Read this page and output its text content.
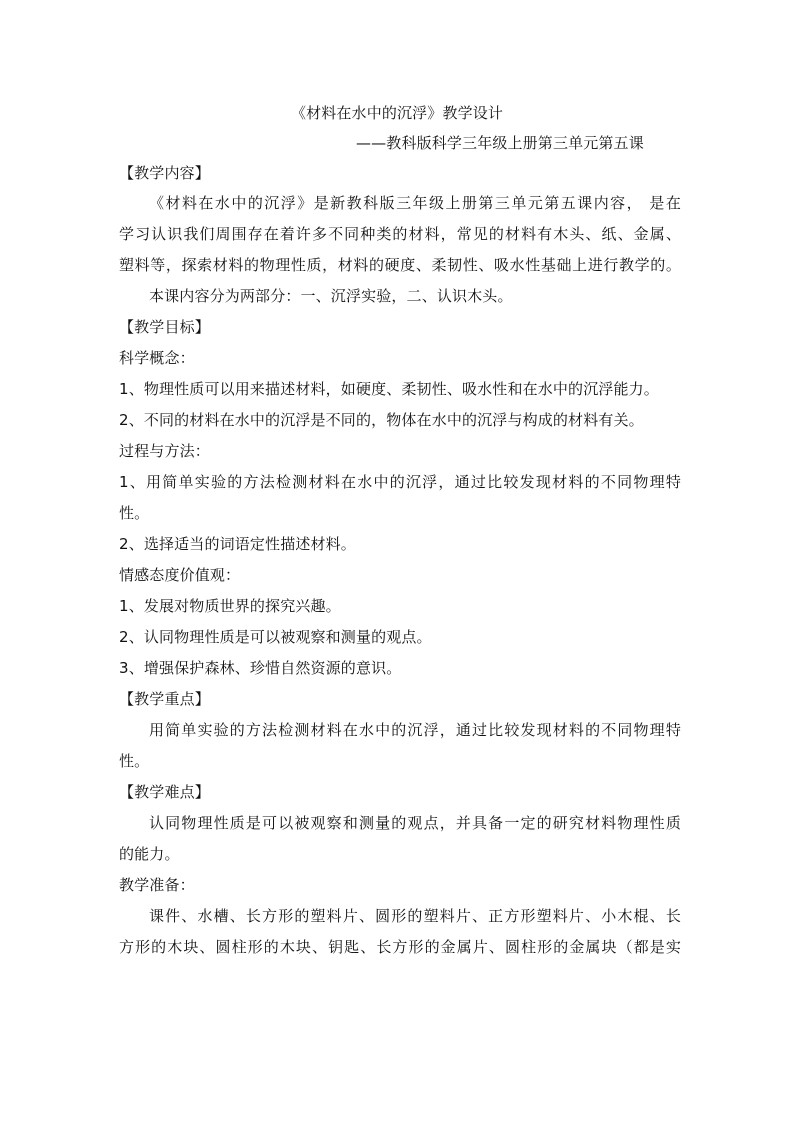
《材料在水中的沉浮》教学设计
——教科版科学三年级上册第三单元第五课
【教学内容】
《材料在水中的沉浮》是新教科版三年级上册第三单元第五课内容， 是在
学习认识我们周围存在着许多不同种类的材料，常见的材料有木头、纸、金属、
塑料等，探索材料的物理性质，材料的硬度、柔韧性、吸水性基础上进行教学的。
本课内容分为两部分：一、沉浮实验，二、认识木头。
【教学目标】
科学概念：
1、物理性质可以用来描述材料，如硬度、柔韧性、吸水性和在水中的沉浮能力。
2、不同的材料在水中的沉浮是不同的，物体在水中的沉浮与构成的材料有关。
过程与方法：
1、用简单实验的方法检测材料在水中的沉浮，通过比较发现材料的不同物理特
性。
2、选择适当的词语定性描述材料。
情感态度价值观：
1、发展对物质世界的探究兴趣。
2、认同物理性质是可以被观察和测量的观点。
3、增强保护森林、珍惜自然资源的意识。
【教学重点】
用简单实验的方法检测材料在水中的沉浮，通过比较发现材料的不同物理特
性。
【教学难点】
认同物理性质是可以被观察和测量的观点，并具备一定的研究材料物理性质
的能力。
教学准备：
课件、水槽、长方形的塑料片、圆形的塑料片、正方形塑料片、小木棍、长
方形的木块、圆柱形的木块、钥匙、长方形的金属片、圆柱形的金属块（都是实
